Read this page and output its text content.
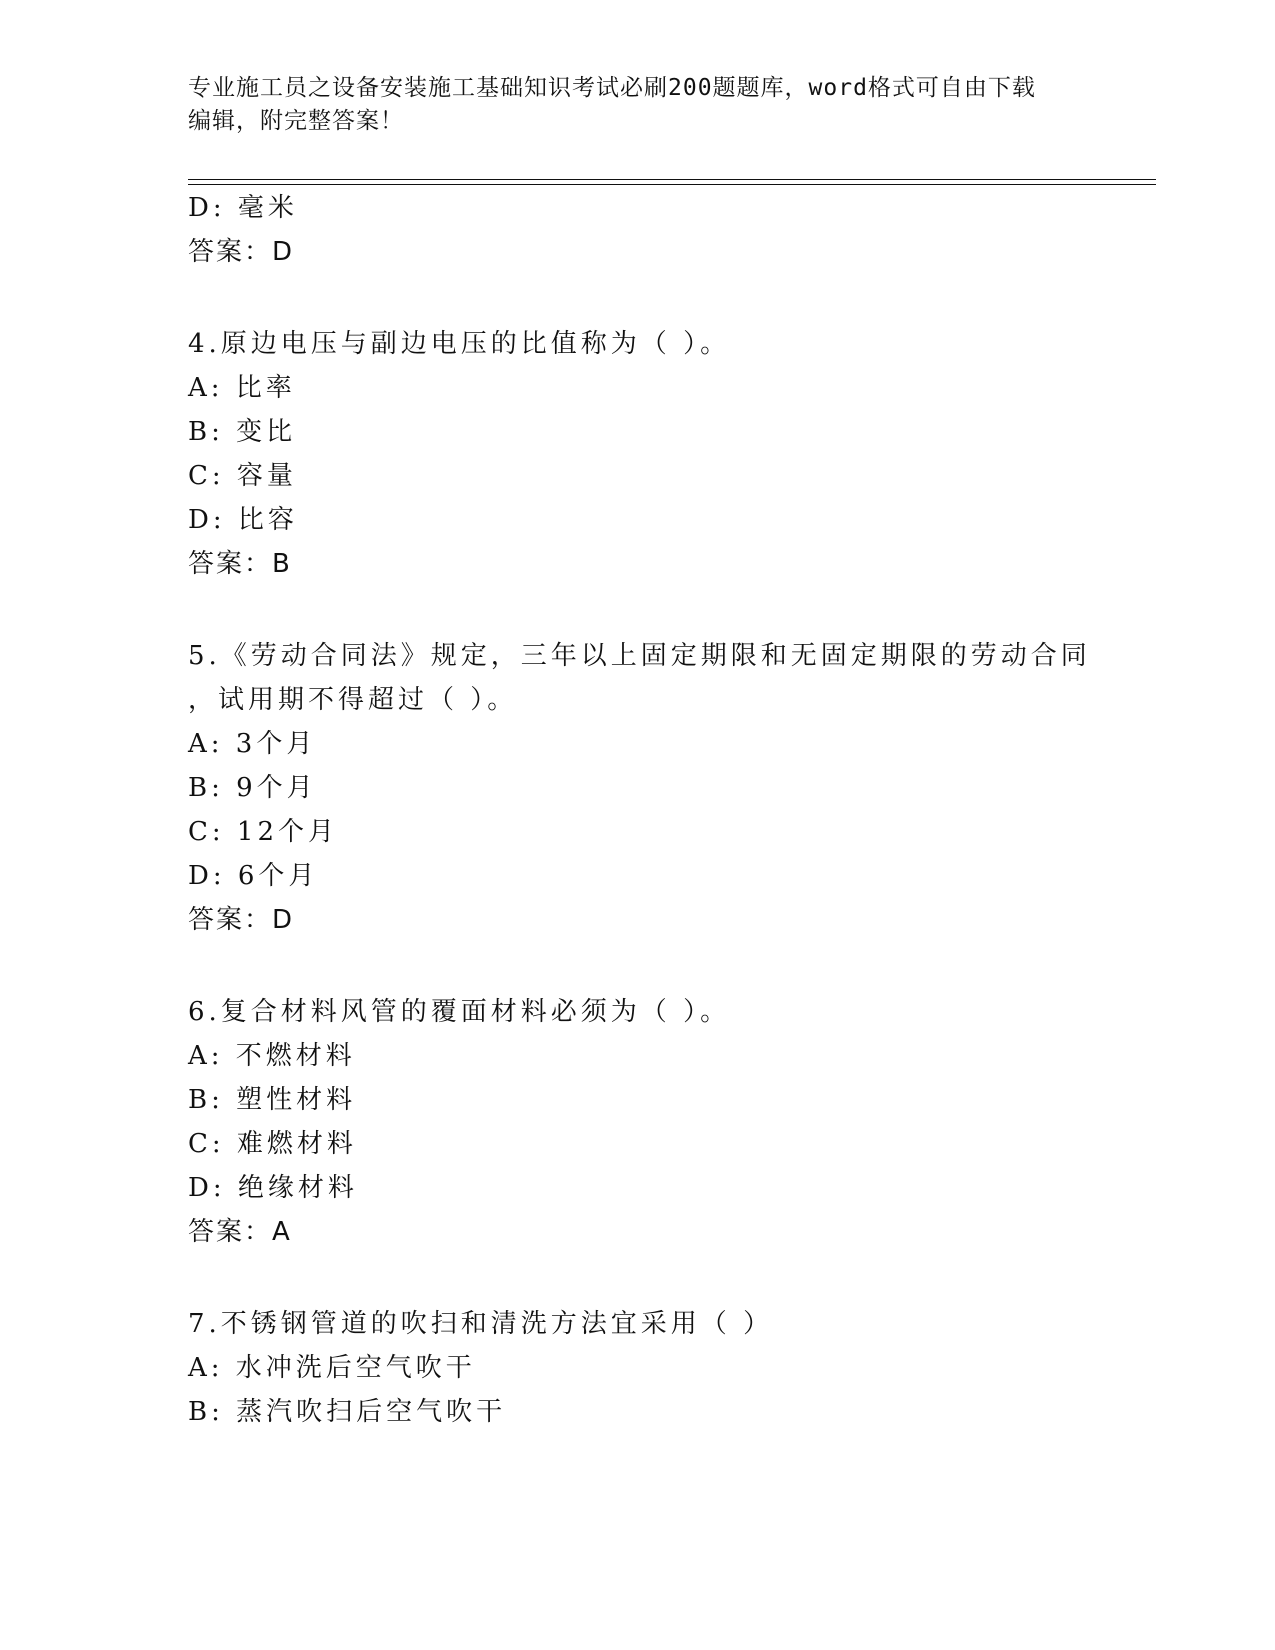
专业施工员之设备安装施工基础知识考试必刷200题题库，word格式可自由下载
编辑，附完整答案！
D: 毫米
答案：D
4.原边电压与副边电压的比值称为（ ）。
A: 比率
B: 变比
C: 容量
D: 比容
答案：B
5.《劳动合同法》规定，三年以上固定期限和无固定期限的劳动合同
，试用期不得超过（ ）。
A: 3个月
B: 9个月
C: 12个月
D: 6个月
答案：D
6.复合材料风管的覆面材料必须为（ ）。
A: 不燃材料
B: 塑性材料
C: 难燃材料
D: 绝缘材料
答案：A
7.不锈钢管道的吹扫和清洗方法宜采用（ ）
A: 水冲洗后空气吹干
B: 蒸汽吹扫后空气吹干
